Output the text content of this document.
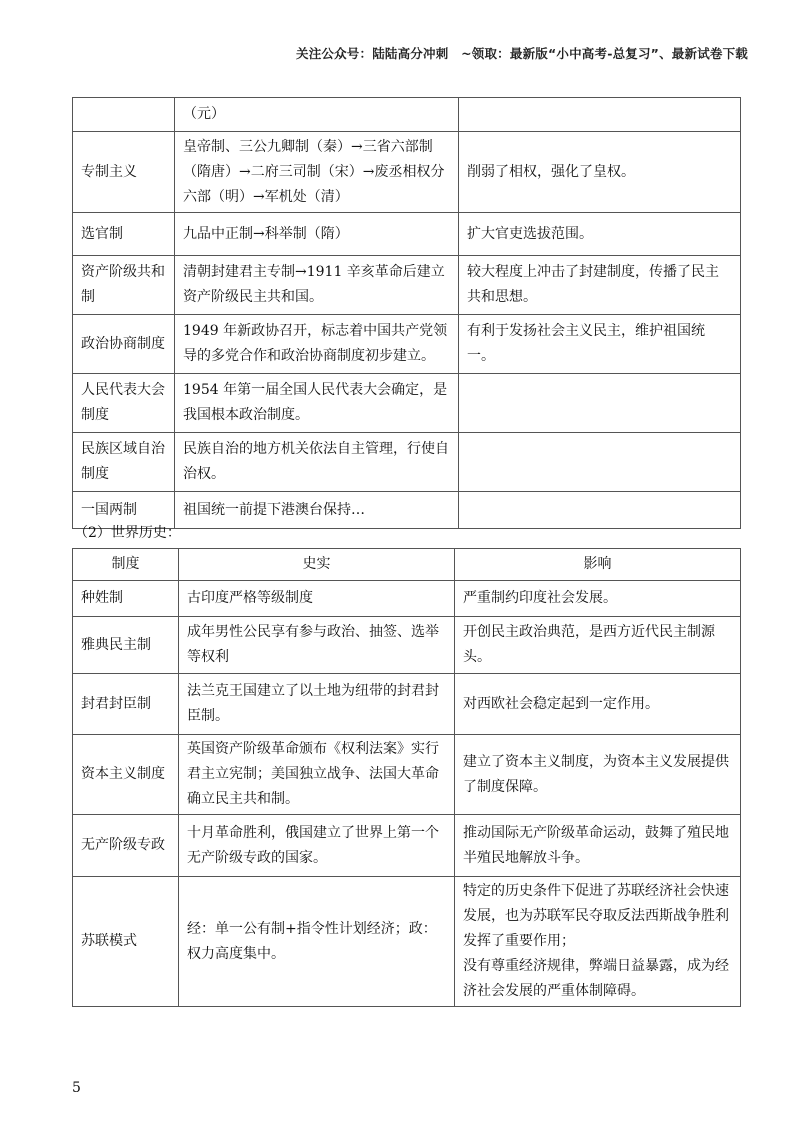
关注公众号：陆陆高分冲刺　~领取：最新版“小中高考-总复习”、最新试卷下载
	（元）	
专制主义	皇帝制、三公九卿制（秦）→三省六部制（隋唐）→二府三司制（宋）→废丞相权分六部（明）→军机处（清）	削弱了相权，强化了皇权。
选官制	九品中正制→科举制（隋）	扩大官吏选拔范围。
资产阶级共和制	清朝封建君主专制→1911 辛亥革命后建立资产阶级民主共和国。	较大程度上冲击了封建制度，传播了民主共和思想。
政治协商制度	1949 年新政协召开，标志着中国共产党领导的多党合作和政治协商制度初步建立。	有利于发扬社会主义民主，维护祖国统一。
人民代表大会制度	1954 年第一届全国人民代表大会确定，是我国根本政治制度。	
民族区域自治制度	民族自治的地方机关依法自主管理，行使自治权。	
一国两制	祖国统一前提下港澳台保持…	
（2）世界历史：
制度	史实	影响
种姓制	古印度严格等级制度	严重制约印度社会发展。
雅典民主制	成年男性公民享有参与政治、抽签、选举等权利	开创民主政治典范，是西方近代民主制源头。
封君封臣制	法兰克王国建立了以土地为纽带的封君封臣制。	对西欧社会稳定起到一定作用。
资本主义制度	英国资产阶级革命颁布《权利法案》实行君主立宪制；美国独立战争、法国大革命确立民主共和制。	建立了资本主义制度，为资本主义发展提供了制度保障。
无产阶级专政	十月革命胜利，俄国建立了世界上第一个无产阶级专政的国家。	推动国际无产阶级革命运动，鼓舞了殖民地半殖民地解放斗争。
苏联模式	经：单一公有制+指令性计划经济；政：权力高度集中。	特定的历史条件下促进了苏联经济社会快速发展，也为苏联军民夺取反法西斯战争胜利发挥了重要作用；
没有尊重经济规律，弊端日益暴露，成为经济社会发展的严重体制障碍。
5
